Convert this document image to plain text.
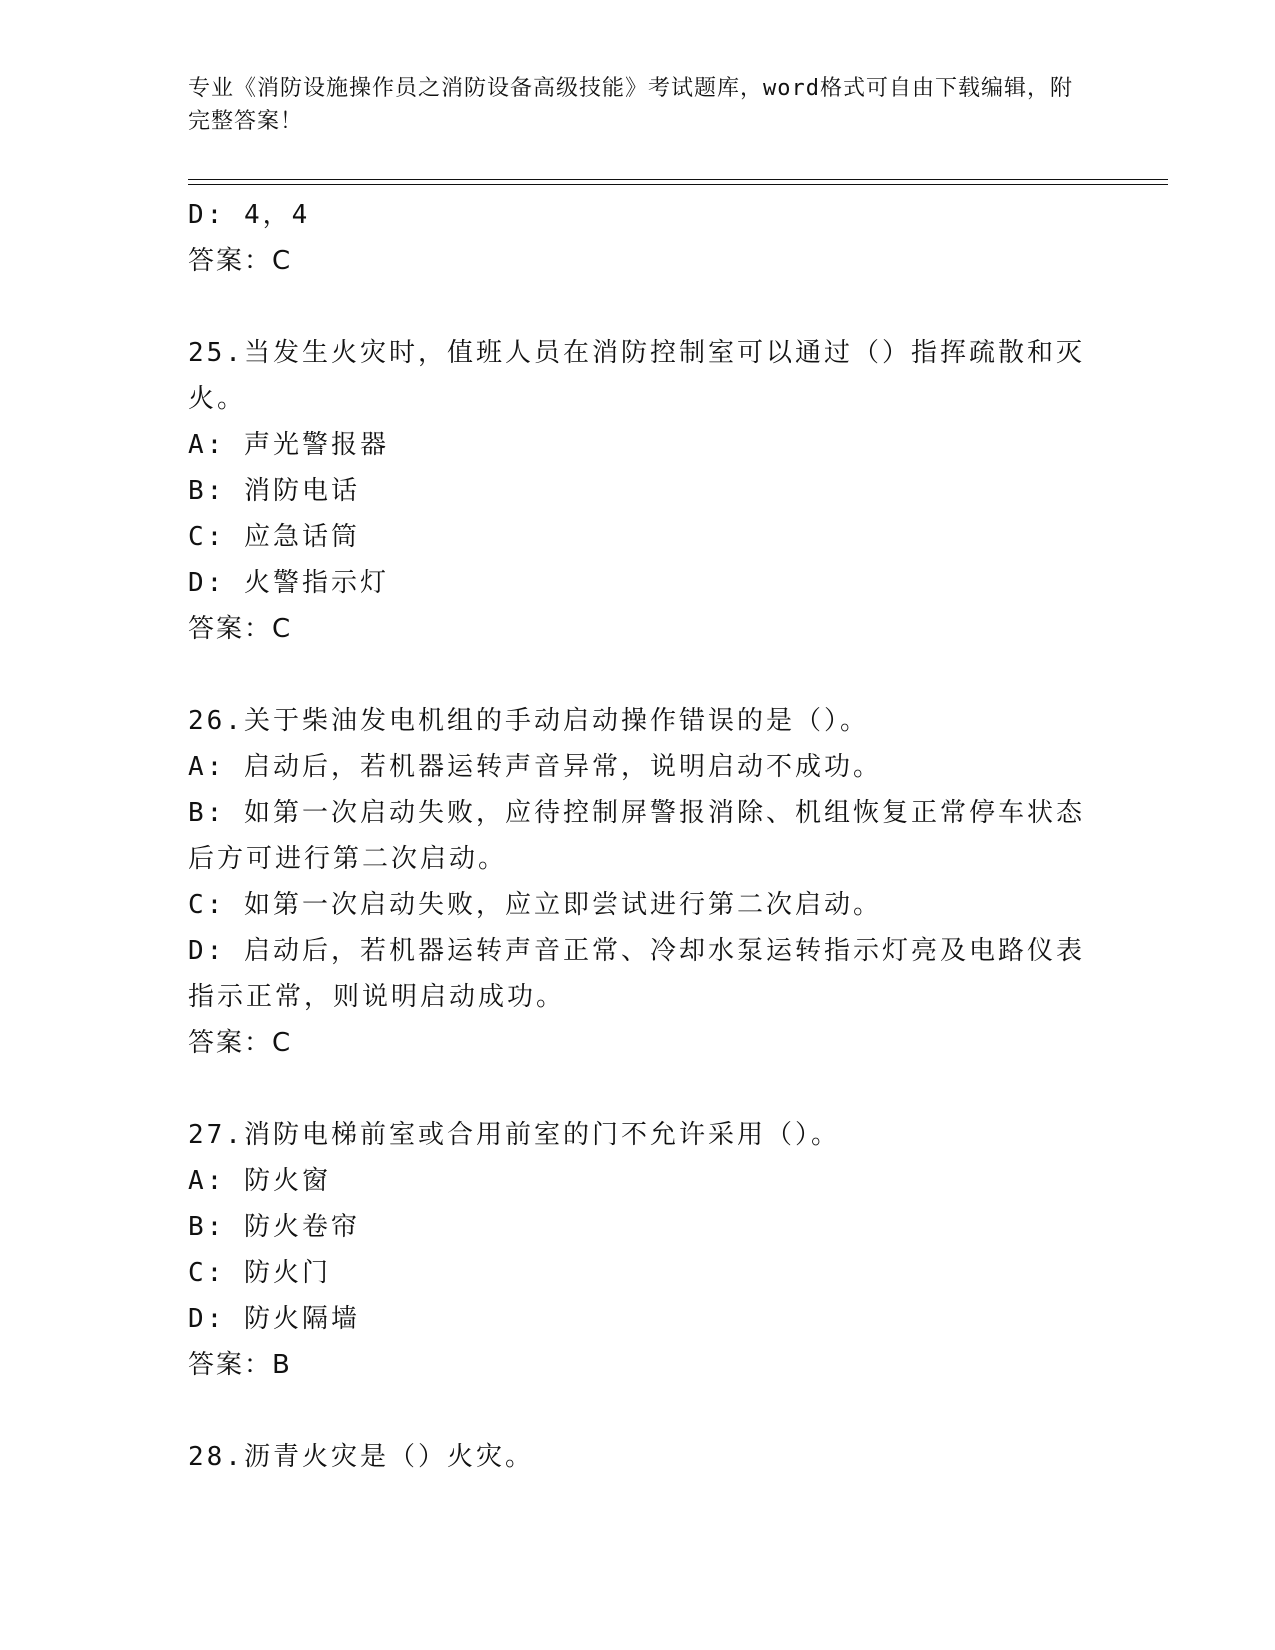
专业《消防设施操作员之消防设备高级技能》考试题库，word格式可自由下载编辑，附完整答案！
D: 4，4
答案：C
25.当发生火灾时，值班人员在消防控制室可以通过（）指挥疏散和灭火。
A: 声光警报器
B: 消防电话
C: 应急话筒
D: 火警指示灯
答案：C
26.关于柴油发电机组的手动启动操作错误的是（）。
A: 启动后，若机器运转声音异常，说明启动不成功。
B: 如第一次启动失败，应待控制屏警报消除、机组恢复正常停车状态后方可进行第二次启动。
C: 如第一次启动失败，应立即尝试进行第二次启动。
D: 启动后，若机器运转声音正常、冷却水泵运转指示灯亮及电路仪表指示正常，则说明启动成功。
答案：C
27.消防电梯前室或合用前室的门不允许采用（）。
A: 防火窗
B: 防火卷帘
C: 防火门
D: 防火隔墙
答案：B
28.沥青火灾是（）火灾。
